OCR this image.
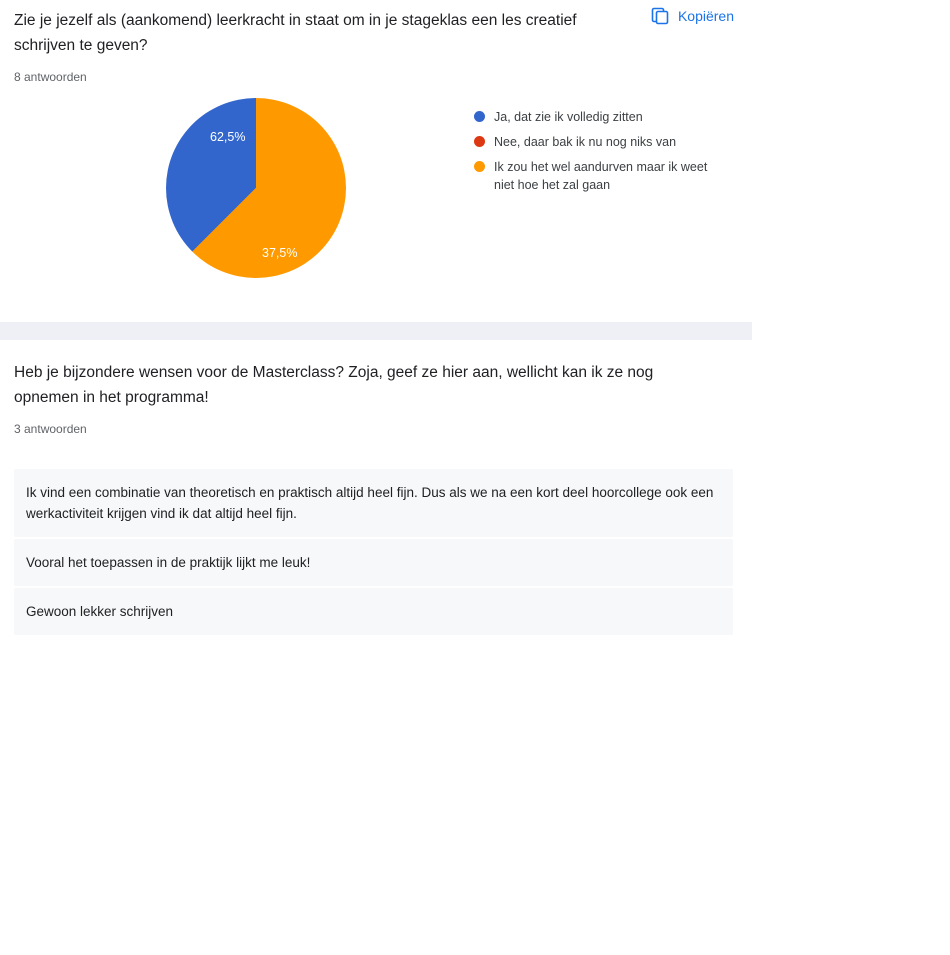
Zie je jezelf als (aankomend) leerkracht in staat om in je stageklas een les creatief schrijven te geven?
Kopiëren
8 antwoorden
62,5%
37,5%
Ja, dat zie ik volledig zitten
Nee, daar bak ik nu nog niks van
Ik zou het wel aandurven maar ik weet niet hoe het zal gaan
Heb je bijzondere wensen voor de Masterclass? Zoja, geef ze hier aan, wellicht kan ik ze nog opnemen in het programma!
3 antwoorden
Ik vind een combinatie van theoretisch en praktisch altijd heel fijn. Dus als we na een kort deel hoorcollege ook een werkactiviteit krijgen vind ik dat altijd heel fijn.
Vooral het toepassen in de praktijk lijkt me leuk!
Gewoon lekker schrijven
